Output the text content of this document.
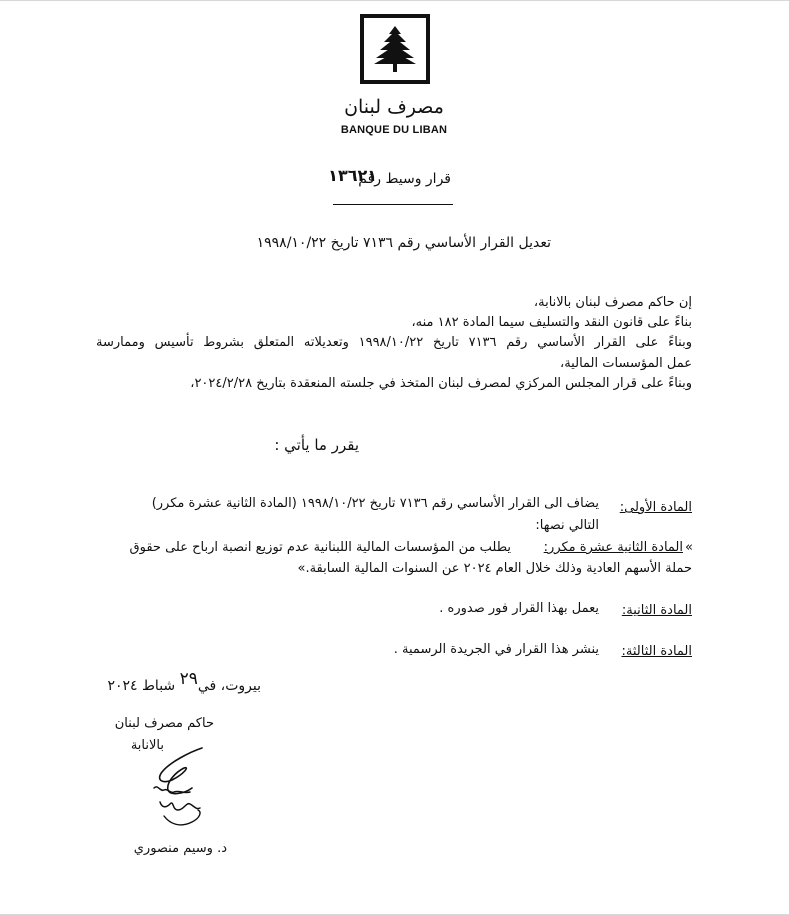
مصرف لبنان
BANQUE DU LIBAN
قرار وسيط رقم
١٣٦٢١
تعديل القرار الأساسي رقم ٧١٣٦ تاريخ ١٩٩٨/١٠/٢٢
إن حاكم مصرف لبنان بالانابة،
بناءً على قانون النقد والتسليف سيما المادة ١٨٢ منه،
وبناءً على القرار الأساسي رقم ٧١٣٦ تاريخ ١٩٩٨/١٠/٢٢ وتعديلاته المتعلق بشروط تأسيس وممارسة
عمل المؤسسات المالية،
وبناءً على قرار المجلس المركزي لمصرف لبنان المتخذ في جلسته المنعقدة بتاريخ ٢٠٢٤/٢/٢٨،
يقرر ما يأتي :
المادة الأولى:
يضاف الى القرار الأساسي رقم ٧١٣٦ تاريخ ١٩٩٨/١٠/٢٢ (المادة الثانية عشرة مكرر)
التالي نصها:
«
المادة الثانية عشرة مكرر:
يطلب من المؤسسات المالية اللبنانية عدم توزيع انصبة ارباح على حقوق
حملة الأسهم العادية وذلك خلال العام ٢٠٢٤ عن السنوات المالية السابقة.»
المادة الثانية:
يعمل بهذا القرار فور صدوره .
المادة الثالثة:
ينشر هذا القرار في الجريدة الرسمية .
بيروت، في٢٩ شباط ٢٠٢٤
حاكم مصرف لبنان
بالانابة
د. وسيم منصوري
